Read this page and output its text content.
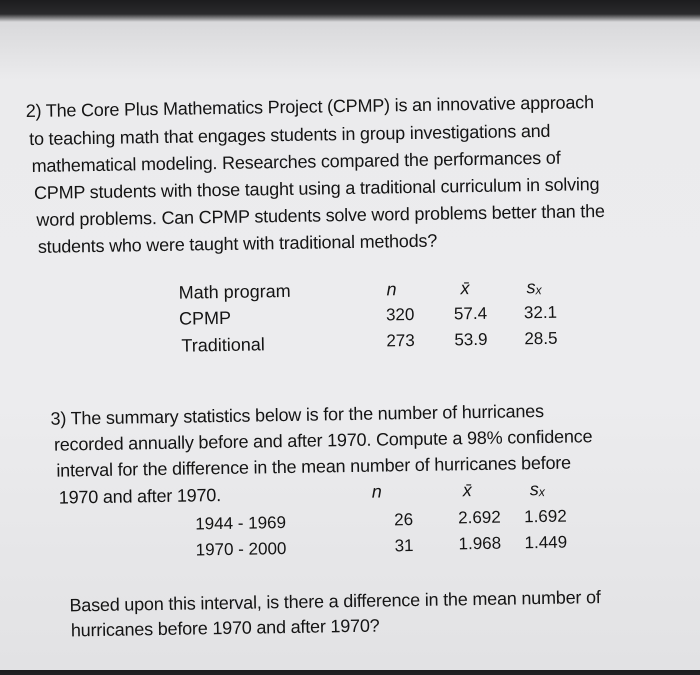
2) The Core Plus Mathematics Project (CPMP) is an innovative approach
to teaching math that engages students in group investigations and
mathematical modeling. Researches compared the performances of
CPMP students with those taught using a traditional curriculum in solving
word problems. Can CPMP students solve word problems better than the
students who were taught with traditional methods?
Math program	n	x̄	sₓ
CPMP	320 57.4 32.1
Traditional	273 53.9 28.5
3) The summary statistics below is for the number of hurricanes
recorded annually before and after 1970. Compute a 98% confidence
interval for the difference in the mean number of hurricanes before
1970 and after 1970.	n	x̄	sₓ
1944 - 1969	26	2.692 1.692
1970 - 2000	31	1.968 1.449
Based upon this interval, is there a difference in the mean number of
hurricanes before 1970 and after 1970?
